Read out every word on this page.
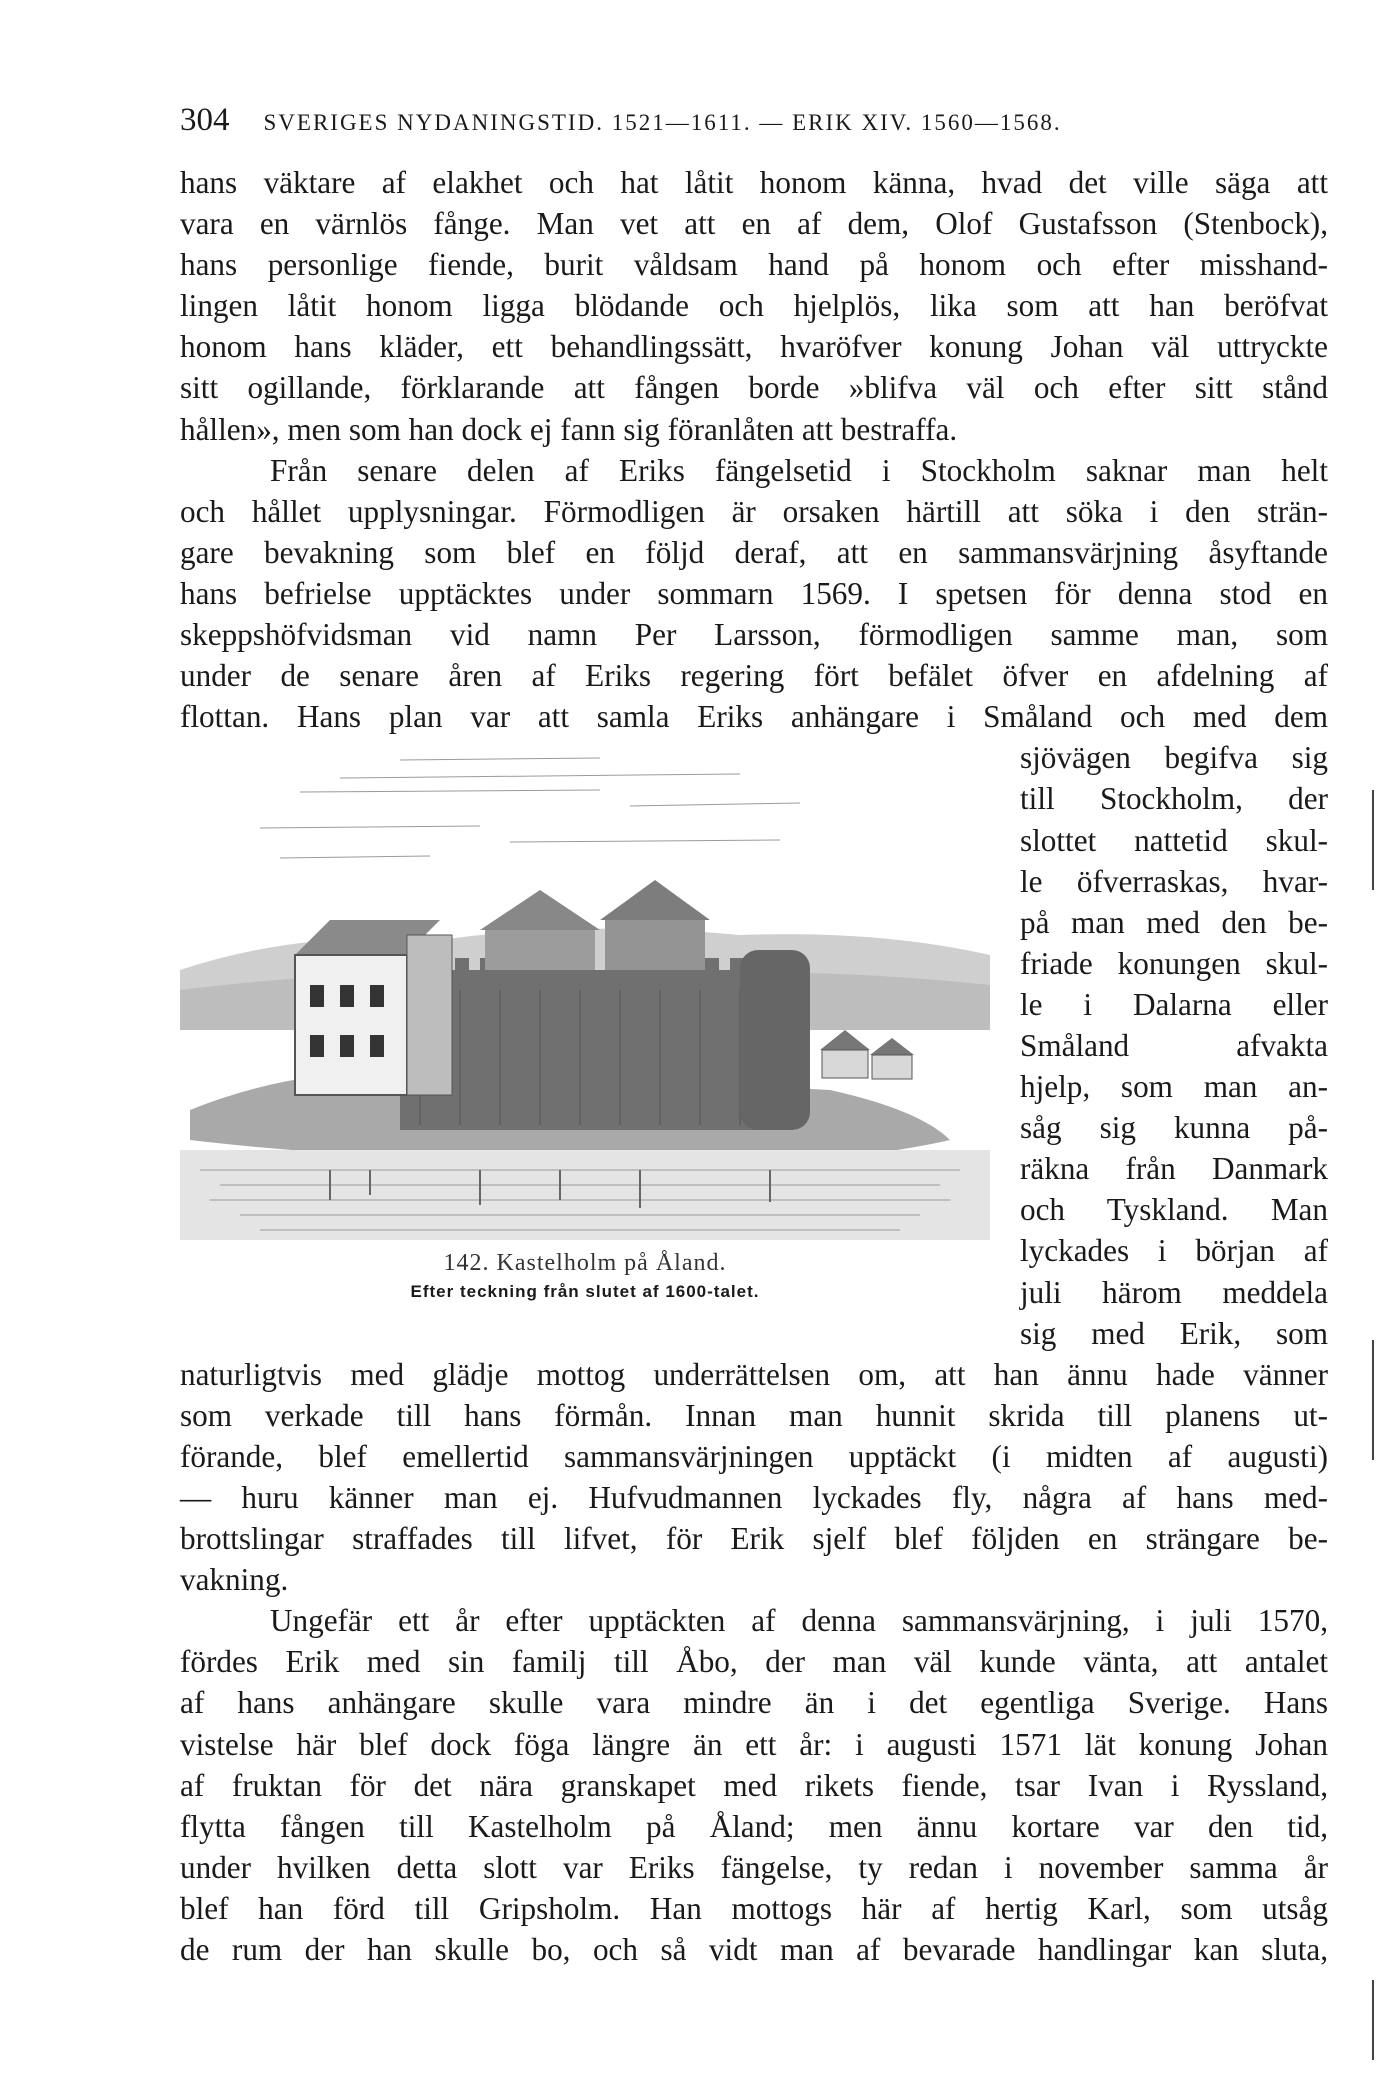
304 SVERIGES NYDANINGSTID. 1521—1611. — ERIK XIV. 1560—1568.
hans väktare af elakhet och hat låtit honom känna, hvad det ville säga att
vara en värnlös fånge. Man vet att en af dem, Olof Gustafsson (Stenbock),
hans personlige fiende, burit våldsam hand på honom och efter misshand-
lingen låtit honom ligga blödande och hjelplös, lika som att han beröfvat
honom hans kläder, ett behandlingssätt, hvaröfver konung Johan väl uttryckte
sitt ogillande, förklarande att fången borde »blifva väl och efter sitt stånd
hållen», men som han dock ej fann sig föranlåten att bestraffa.
Från senare delen af Eriks fängelsetid i Stockholm saknar man helt
och hållet upplysningar. Förmodligen är orsaken härtill att söka i den strän-
gare bevakning som blef en följd deraf, att en sammansvärjning åsyftande
hans befrielse upptäcktes under sommarn 1569. I spetsen för denna stod en
skeppshöfvidsman vid namn Per Larsson, förmodligen samme man, som
under de senare åren af Eriks regering fört befälet öfver en afdelning af
flottan. Hans plan var att samla Eriks anhängare i Småland och med dem
sjövägen begifva sig
till Stockholm, der
slottet nattetid skul-
le öfverraskas, hvar-
på man med den be-
friade konungen skul-
le i Dalarna eller
Småland afvakta
hjelp, som man an-
såg sig kunna på-
räkna från Danmark
och Tyskland. Man
lyckades i början af
juli härom meddela
sig med Erik, som
naturligtvis med glädje mottog underrättelsen om, att han ännu hade vänner
som verkade till hans förmån. Innan man hunnit skrida till planens ut-
förande, blef emellertid sammansvärjningen upptäckt (i midten af augusti)
— huru känner man ej. Hufvudmannen lyckades fly, några af hans med-
brottslingar straffades till lifvet, för Erik sjelf blef följden en strängare be-
vakning.
Ungefär ett år efter upptäckten af denna sammansvärjning, i juli 1570,
fördes Erik med sin familj till Åbo, der man väl kunde vänta, att antalet
af hans anhängare skulle vara mindre än i det egentliga Sverige. Hans
vistelse här blef dock föga längre än ett år: i augusti 1571 lät konung Johan
af fruktan för det nära granskapet med rikets fiende, tsar Ivan i Ryssland,
flytta fången till Kastelholm på Åland; men ännu kortare var den tid,
under hvilken detta slott var Eriks fängelse, ty redan i november samma år
blef han förd till Gripsholm. Han mottogs här af hertig Karl, som utsåg
de rum der han skulle bo, och så vidt man af bevarade handlingar kan sluta,
142. Kastelholm på Åland.
Efter teckning från slutet af 1600-talet.
